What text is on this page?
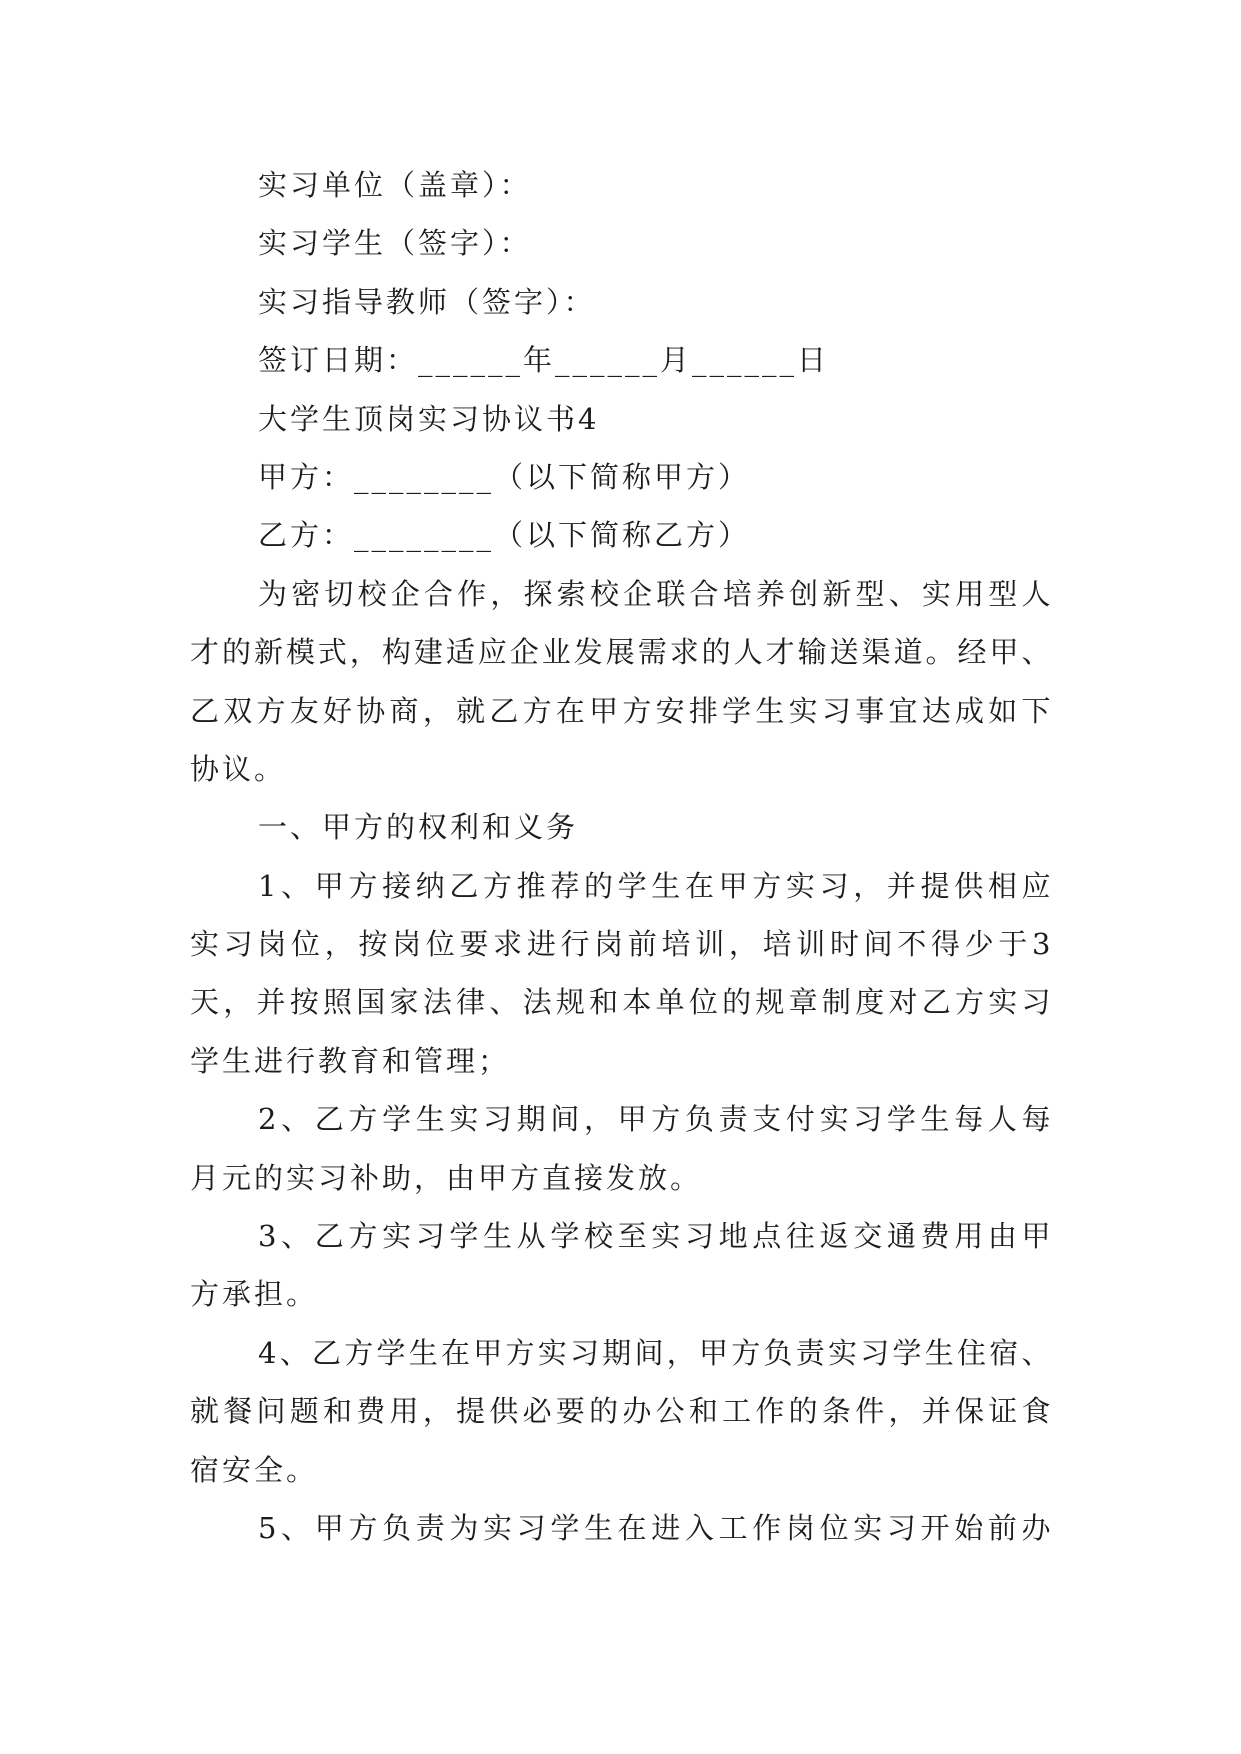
实习单位（盖章）：
实习学生（签字）：
实习指导教师（签字）：
签订日期：______年______月______日
大学生顶岗实习协议书4
甲方：________（以下简称甲方）
乙方：________（以下简称乙方）
为密切校企合作，探索校企联合培养创新型、实用型人
才的新模式，构建适应企业发展需求的人才输送渠道。经甲、
乙双方友好协商，就乙方在甲方安排学生实习事宜达成如下
协议。
一、甲方的权利和义务
1、甲方接纳乙方推荐的学生在甲方实习，并提供相应
实习岗位，按岗位要求进行岗前培训，培训时间不得少于3
天，并按照国家法律、法规和本单位的规章制度对乙方实习
学生进行教育和管理；
2、乙方学生实习期间，甲方负责支付实习学生每人每
月元的实习补助，由甲方直接发放。
3、乙方实习学生从学校至实习地点往返交通费用由甲
方承担。
4、乙方学生在甲方实习期间，甲方负责实习学生住宿、
就餐问题和费用，提供必要的办公和工作的条件，并保证食
宿安全。
5、甲方负责为实习学生在进入工作岗位实习开始前办
